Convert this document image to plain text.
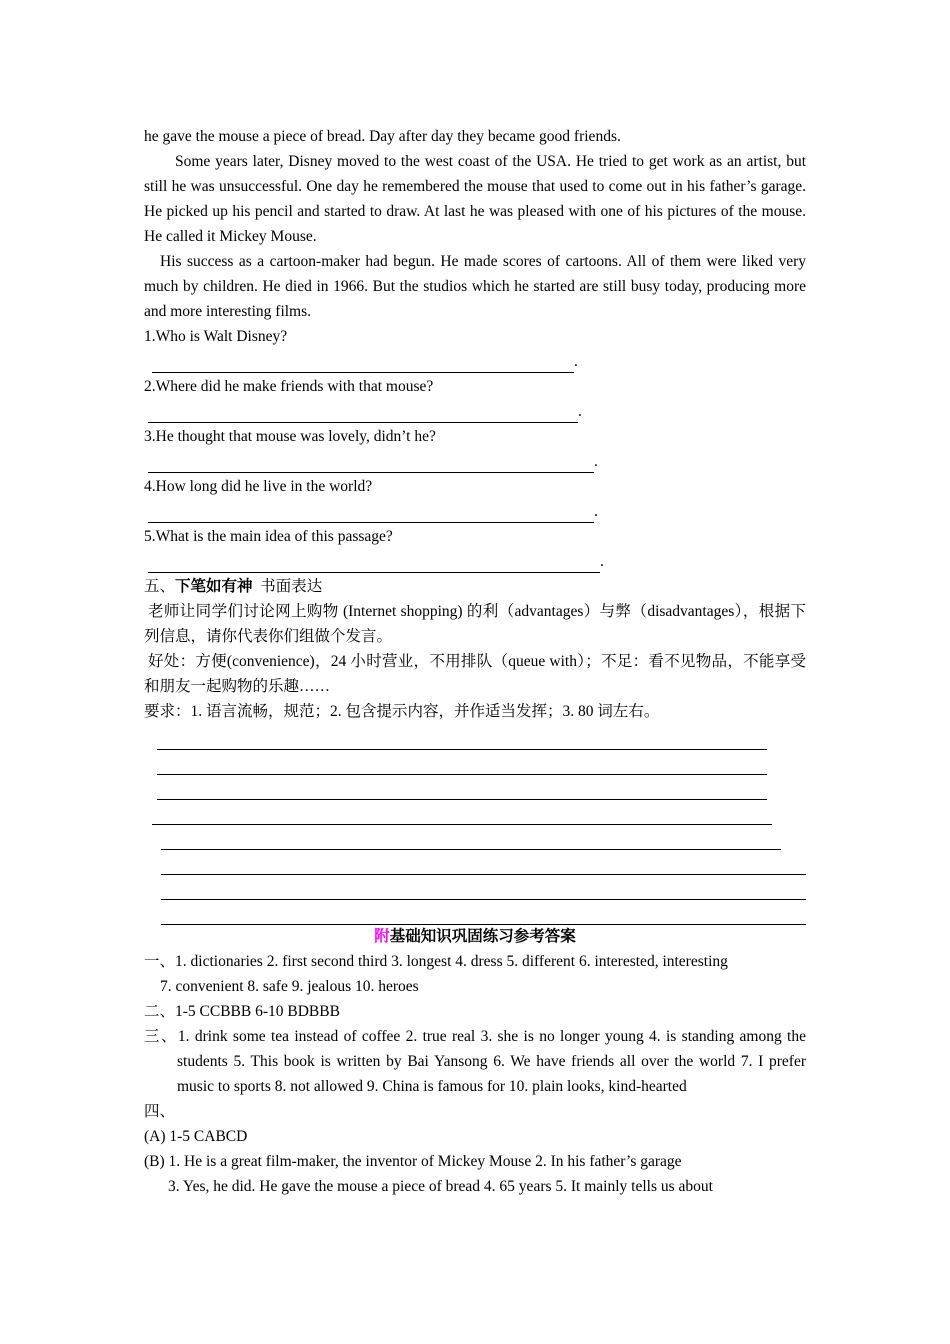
he gave the mouse a piece of bread. Day after day they became good friends.

Some years later, Disney moved to the west coast of the USA. He tried to get work as an artist, but still he was unsuccessful. One day he remembered the mouse that used to come out in his father’s garage. He picked up his pencil and started to draw. At last he was pleased with one of his pictures of the mouse. He called it Mickey Mouse.

His success as a cartoon-maker had begun. He made scores of cartoons. All of them were liked very much by children. He died in 1966. But the studios which he started are still busy today, producing more and more interesting films.

1.Who is Walt Disney?

.

2.Where did he make friends with that mouse?

.

3.He thought that mouse was lovely, didn’t he?

.

4.How long did he live in the world?

.

5.What is the main idea of this passage?

.

五、下笔如有神 书面表达

老师让同学们讨论网上购物 (Internet shopping) 的利（advantages）与弊（disadvantages），根据下列信息，请你代表你们组做个发言。

好处：方便(convenience)，24 小时营业，不用排队（queue with）；不足：看不见物品，不能享受和朋友一起购物的乐趣……

要求：1. 语言流畅，规范；2. 包含提示内容，并作适当发挥；3. 80 词左右。

附基础知识巩固练习参考答案

一、1. dictionaries 2. first second third 3. longest 4. dress 5. different 6. interested, interesting

7. convenient 8. safe 9. jealous 10. heroes

二、1-5 CCBBB 6-10 BDBBB

三、1. drink some tea instead of coffee 2. true real 3. she is no longer young 4. is standing among the students 5. This book is written by Bai Yansong 6. We have friends all over the world 7. I prefer music to sports 8. not allowed 9. China is famous for 10. plain looks, kind-hearted

四、

(A) 1-5 CABCD

(B) 1. He is a great film-maker, the inventor of Mickey Mouse 2. In his father’s garage

3. Yes, he did. He gave the mouse a piece of bread 4. 65 years 5. It mainly tells us about
